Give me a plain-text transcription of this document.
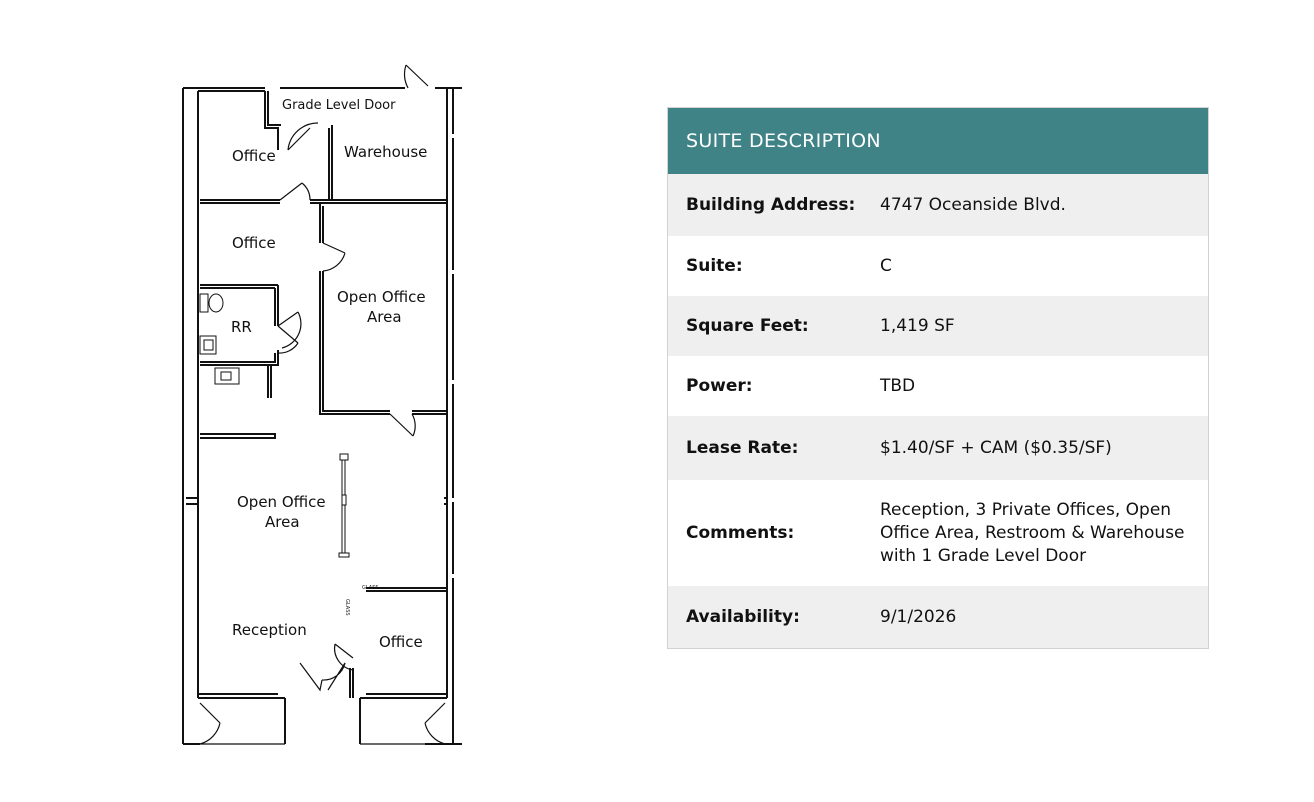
Grade Level Door
Office	Warehouse
Office
Open Office
Area
RR
Open Office
Area
Reception
Office
GLASS
GLASS
SUITE DESCRIPTION
Building Address:	4747 Oceanside Blvd.
Suite:	C
Square Feet:	1,419 SF
Power:	TBD
Lease Rate:	$1.40/SF + CAM ($0.35/SF)
Comments:
Reception, 3 Private Offices, Open Office Area, Restroom & Warehouse with 1 Grade Level Door
Availability:	9/1/2026
